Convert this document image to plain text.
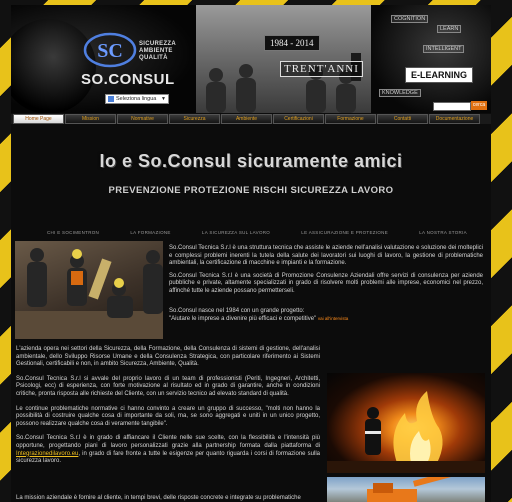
SC	SICUREZZA
AMBIENTE
QUALITÀ
SO.CONSUL
Seleziona lingua ▼
1984 - 2014
TRENT'ANNI
COGNITION
LEARN
INTELLIGENT
KNOWLEDGE
E-LEARNING
cerca
Home Page	Mission	Normative	Sicurezza	Ambiente	Certificazioni	Formazione	Contatti	Documentazione
Io e So.Consul sicuramente amici
PREVENZIONE PROTEZIONE RISCHI SICUREZZA LAVORO
CHI E SOCIMENTRON	LA FORMAZIONE	LA SICUREZZA SUL LAVORO	LE ASSICURAZIONE E PROTEZIONE	LA NOSTRA STORIA

So.Consul Tecnica S.r.l è una struttura tecnica che assiste le aziende nell'analisi valutazione e soluzione dei molteplici e complessi problemi inerenti la tutela della salute dei lavoratori sui luoghi di lavoro, la gestione di problematiche ambientali, la certificazione di macchine e impianti e la formazione.

So.Consul Tecnica S.r.l è una società di Promozione Consulenze Aziendali offre servizi di consulenza per aziende pubbliche e private, altamente specializzati in grado di risolvere molti problemi alle imprese, economici nel prezzo, affinché tutte le aziende possano permetterseli.

So.Consul nasce nel 1984 con un grande progetto:
"Aiutare le imprese a divenire più efficaci e competitive" vai all'intervista

L'azienda opera nei settori della Sicurezza, della Formazione, della Consulenza di sistemi di gestione, dell'analisi ambientale, dello Sviluppo Risorse Umane e della Consulenza Strategica, con particolare riferimento ai Sistemi Gestionali, certificabili e non, in ambito Sicurezza, Ambiente, Qualità.

So.Consul Tecnica S.r.l si avvale del proprio lavoro di un team di professionisti (Periti, Ingegneri, Architetti, Psicologi, ecc) di esperienza, con forte motivazione al risultato ed in grado di garantire, anche in condizioni critiche, pronta risposta alle richieste del Cliente, con un servizio tecnico ad elevato standard di qualità.

Le continue problematiche normative ci hanno convinto a creare un gruppo di successo, "molti non hanno la possibilità di costruire qualche cosa di importante da soli, ma, se sono aggregati e uniti in un unico progetto, possono realizzare qualche cosa di veramente tangibile".

So.Consul Tecnica S.r.l è in grado di affiancare il Cliente nelle sue scelte, con la flessibilità e l'intensità più opportune, progettando piani di lavoro personalizzati grazie alla partnership formata dalla piattaforma di Integrazionedilavoro.eu, in grado di fare fronte a tutte le esigenze per quanto riguarda i corsi di formazione sulla sicurezza lavoro.

La mission aziendale è fornire al cliente, in tempi brevi, delle risposte concrete e integrate su problematiche
